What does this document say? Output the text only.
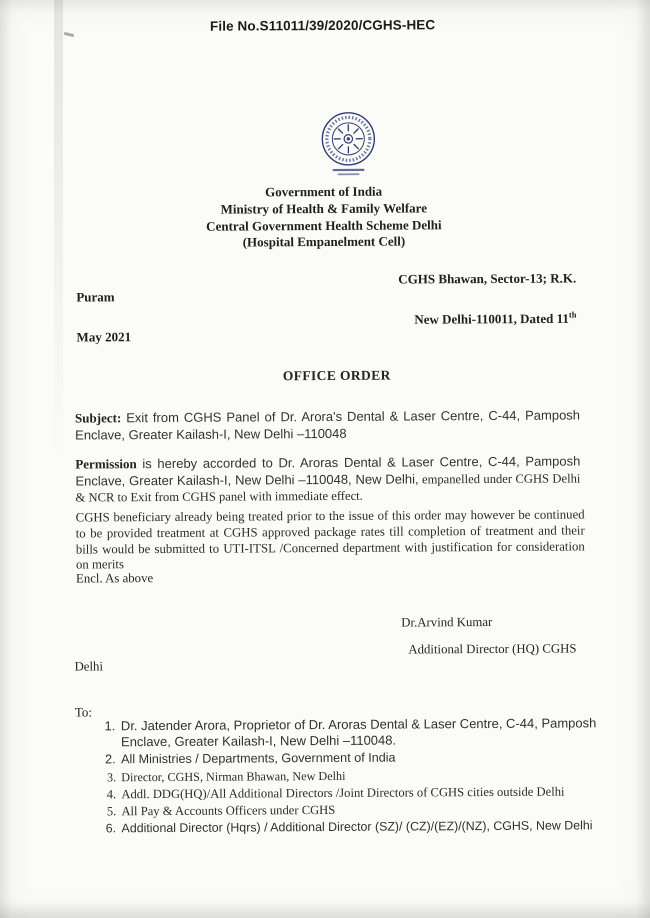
File No.S11011/39/2020/CGHS-HEC
Government of India
Ministry of Health & Family Welfare
Central Government Health Scheme Delhi
(Hospital Empanelment Cell)
CGHS Bhawan, Sector-13; R.K.
Puram
New Delhi-110011, Dated 11th
May 2021
OFFICE ORDER
Subject: Exit from CGHS Panel of Dr. Arora's Dental & Laser Centre, C-44, Pamposh Enclave, Greater Kailash-I, New Delhi –110048
Permission is hereby accorded to Dr. Aroras Dental & Laser Centre, C-44, Pamposh Enclave, Greater Kailash-I, New Delhi –110048, New Delhi, empanelled under CGHS Delhi & NCR to Exit from CGHS panel with immediate effect.
CGHS beneficiary already being treated prior to the issue of this order may however be continued to be provided treatment at CGHS approved package rates till completion of treatment and their bills would be submitted to UTI-ITSL /Concerned department with justification for consideration on merits
Encl. As above
Dr.Arvind Kumar
Additional Director (HQ) CGHS
Delhi
To:
1. Dr. Jatender Arora, Proprietor of Dr. Aroras Dental & Laser Centre, C-44, Pamposh Enclave, Greater Kailash-I, New Delhi –110048.
2. All Ministries / Departments, Government of India
3. Director, CGHS, Nirman Bhawan, New Delhi
4. Addl. DDG(HQ)/All Additional Directors /Joint Directors of CGHS cities outside Delhi
5. All Pay & Accounts Officers under CGHS
6. Additional Director (Hqrs) / Additional Director (SZ)/ (CZ)/(EZ)/(NZ), CGHS, New Delhi
